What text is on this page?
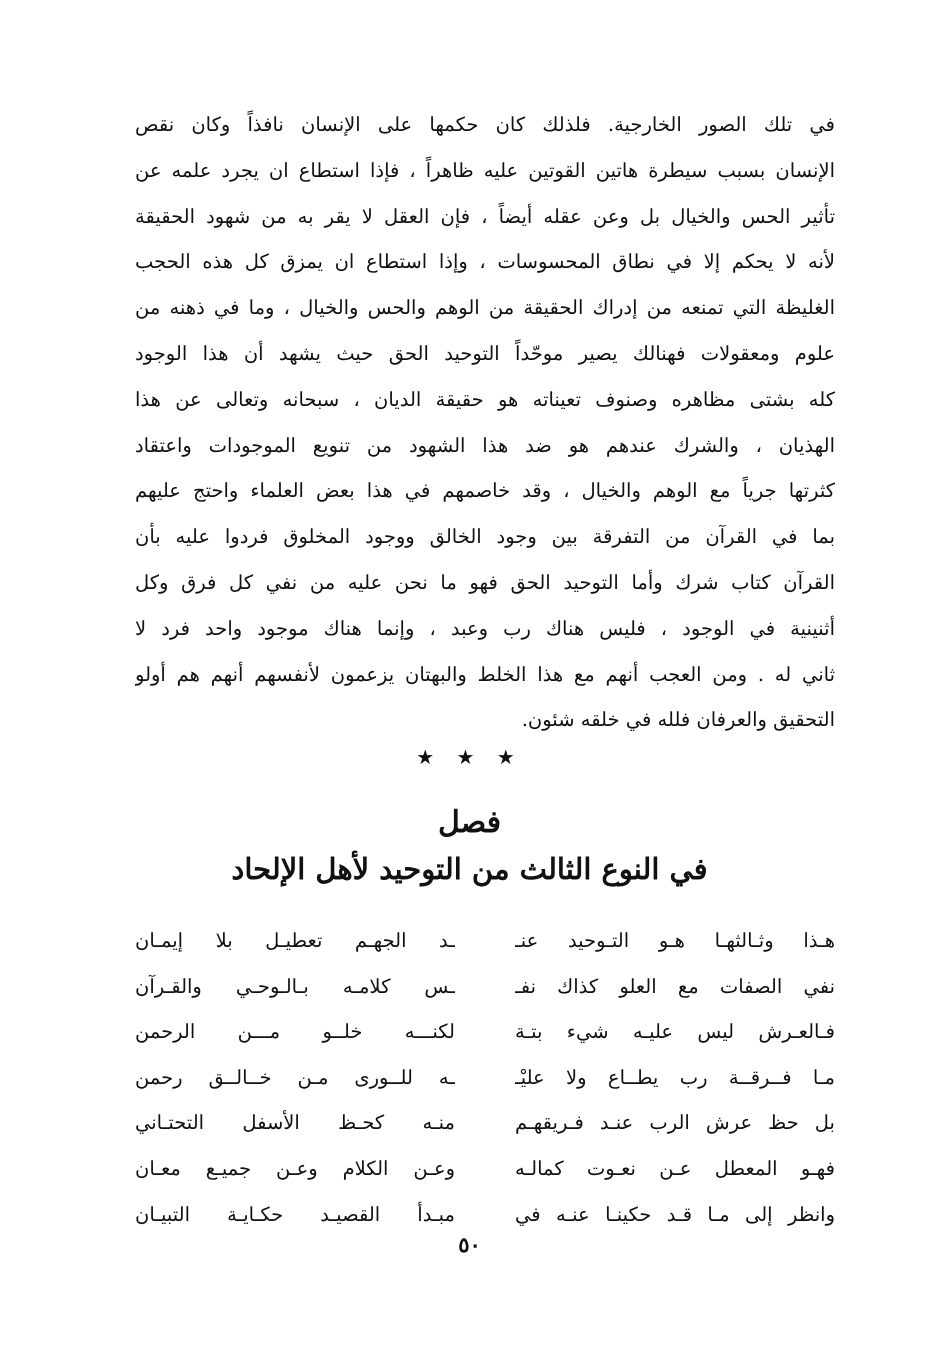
في تلك الصور الخارجية. فلذلك كان حكمها على الإنسان نافذاً وكان نقص
الإنسان بسبب سيطرة هاتين القوتين عليه ظاهراً ، فإذا استطاع ان يجرد علمه عن
تأثير الحس والخيال بل وعن عقله أيضاً ، فإن العقل لا يقر به من شهود الحقيقة
لأنه لا يحكم إلا في نطاق المحسوسات ، وإذا استطاع ان يمزق كل هذه الحجب
الغليظة التي تمنعه من إدراك الحقيقة من الوهم والحس والخيال ، وما في ذهنه من
علوم ومعقولات فهنالك يصير موحّداً التوحيد الحق حيث يشهد أن هذا الوجود
كله بشتى مظاهره وصنوف تعيناته هو حقيقة الديان ، سبحانه وتعالى عن هذا
الهذيان ، والشرك عندهم هو ضد هذا الشهود من تنويع الموجودات واعتقاد
كثرتها جرياً مع الوهم والخيال ، وقد خاصمهم في هذا بعض العلماء واحتج عليهم
بما في القرآن من التفرقة بين وجود الخالق ووجود المخلوق فردوا عليه بأن
القرآن كتاب شرك وأما التوحيد الحق فهو ما نحن عليه من نفي كل فرق وكل
أثنينية في الوجود ، فليس هناك رب وعبد ، وإنما هناك موجود واحد فرد لا
ثاني له . ومن العجب أنهم مع هذا الخلط والبهتان يزعمون لأنفسهم أنهم هم أولو
التحقيق والعرفان فلله في خلقه شئون.
★ ★ ★
فصل
في النوع الثالث من التوحيد لأهل الإلحاد
هـذا وثـالثهـا هـو التـوحيد عنـ
ـد الجهـم تعطيـل بلا إيمـان
نفي الصفات مع العلو كذاك نفـ
ـس كلامـه بـالـوحـي والقـرآن
فـالعـرش ليس عليـه شيء بتـة
لكنـــه خلــو مـــن الرحمن
مـا فــرقــة رب يطــاع ولا عليْـ
ـه للــورى مـن خــالــق رحمن
بل حظ عرش الرب عنـد فـريقهـم
منـه كحـظ الأسفل التحتـاني
فهـو المعطل عـن نعـوت كمالـه
وعـن الكلام وعـن جميـع معـان
وانظر إلى مـا قـد حكينـا عنـه في
مبـدأ القصيـد حكـايـة التبيـان
٥٠
